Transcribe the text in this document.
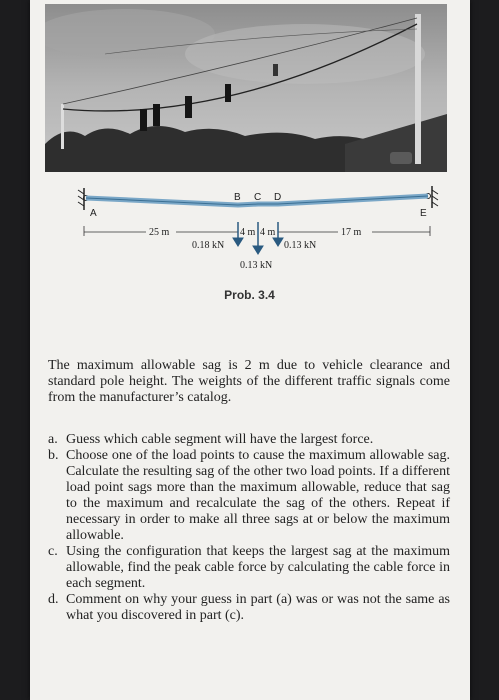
A
B C D
E
25 m	4 m 4 m	17 m
0.18 kN	0.13 kN
0.13 kN
Prob. 3.4

The maximum allowable sag is 2 m due to vehicle clearance and standard pole height. The weights of the different traffic signals come from the manufacturer’s catalog.

a. Guess which cable segment will have the largest force.
b. Choose one of the load points to cause the maximum allowable sag. Calculate the resulting sag of the other two load points. If a different load point sags more than the maximum allowable, reduce that sag to the maximum and recalculate the sag of the others. Repeat if necessary in order to make all three sags at or below the maximum allowable.
c. Using the configuration that keeps the largest sag at the maximum allowable, find the peak cable force by calculating the cable force in each segment.
d. Comment on why your guess in part (a) was or was not the same as what you discovered in part (c).
